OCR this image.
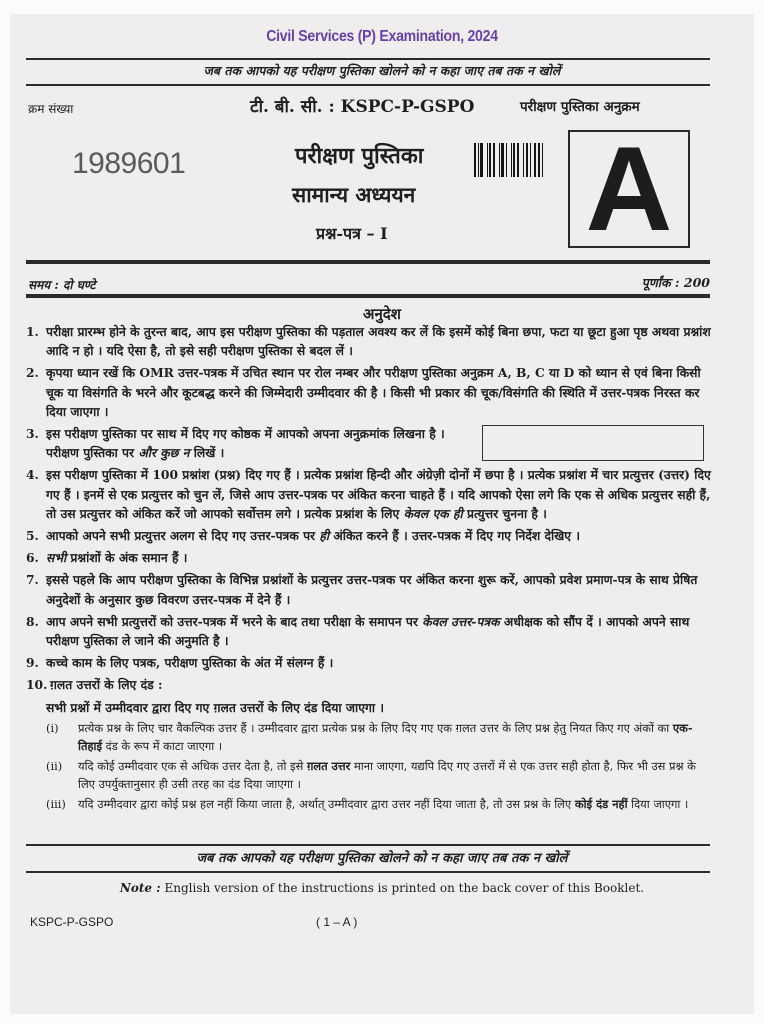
Civil Services (P) Examination, 2024
जब तक आपको यह परीक्षण पुस्तिका खोलने को न कहा जाए तब तक न खोलें
क्रम संख्या	टी. बी. सी. : KSPC-P-GSPO	परीक्षण पुस्तिका अनुक्रम
1989601	परीक्षण पुस्तिका
सामान्य अध्ययन
प्रश्न-पत्र – I A
समय : दो घण्टे	पूर्णांक : 200
अनुदेश
1. परीक्षा प्रारम्भ होने के तुरन्त बाद, आप इस परीक्षण पुस्तिका की पड़ताल अवश्य कर लें कि इसमें कोई बिना छपा, फटा या छूटा हुआ पृष्ठ अथवा प्रश्नांश आदि न हो । यदि ऐसा है, तो इसे सही परीक्षण पुस्तिका से बदल लें ।
2. कृपया ध्यान रखें कि OMR उत्तर-पत्रक में उचित स्थान पर रोल नम्बर और परीक्षण पुस्तिका अनुक्रम A, B, C या D को ध्यान से एवं बिना किसी चूक या विसंगति के भरने और कूटबद्ध करने की जिम्मेदारी उम्मीदवार की है । किसी भी प्रकार की चूक/विसंगति की स्थिति में उत्तर-पत्रक निरस्त कर दिया जाएगा ।
3. इस परीक्षण पुस्तिका पर साथ में दिए गए कोष्ठक में आपको अपना अनुक्रमांक लिखना है । परीक्षण पुस्तिका पर और कुछ न लिखें ।
4. इस परीक्षण पुस्तिका में 100 प्रश्नांश (प्रश्न) दिए गए हैं । प्रत्येक प्रश्नांश हिन्दी और अंग्रेज़ी दोनों में छपा है । प्रत्येक प्रश्नांश में चार प्रत्युत्तर (उत्तर) दिए गए हैं । इनमें से एक प्रत्युत्तर को चुन लें, जिसे आप उत्तर-पत्रक पर अंकित करना चाहते हैं । यदि आपको ऐसा लगे कि एक से अधिक प्रत्युत्तर सही हैं, तो उस प्रत्युत्तर को अंकित करें जो आपको सर्वोत्तम लगे । प्रत्येक प्रश्नांश के लिए केवल एक ही प्रत्युत्तर चुनना है ।
5. आपको अपने सभी प्रत्युत्तर अलग से दिए गए उत्तर-पत्रक पर ही अंकित करने हैं । उत्तर-पत्रक में दिए गए निर्देश देखिए ।
6. सभी प्रश्नांशों के अंक समान हैं ।
7. इससे पहले कि आप परीक्षण पुस्तिका के विभिन्न प्रश्नांशों के प्रत्युत्तर उत्तर-पत्रक पर अंकित करना शुरू करें, आपको प्रवेश प्रमाण-पत्र के साथ प्रेषित अनुदेशों के अनुसार कुछ विवरण उत्तर-पत्रक में देने हैं ।
8. आप अपने सभी प्रत्युत्तरों को उत्तर-पत्रक में भरने के बाद तथा परीक्षा के समापन पर केवल उत्तर-पत्रक अधीक्षक को सौंप दें । आपको अपने साथ परीक्षण पुस्तिका ले जाने की अनुमति है ।
9. कच्चे काम के लिए पत्रक, परीक्षण पुस्तिका के अंत में संलग्न हैं ।
10. ग़लत उत्तरों के लिए दंड :
सभी प्रश्नों में उम्मीदवार द्वारा दिए गए ग़लत उत्तरों के लिए दंड दिया जाएगा ।
(i)	प्रत्येक प्रश्न के लिए चार वैकल्पिक उत्तर हैं । उम्मीदवार द्वारा प्रत्येक प्रश्न के लिए दिए गए एक ग़लत उत्तर के लिए प्रश्न हेतु नियत किए गए अंकों का एक-तिहाई दंड के रूप में काटा जाएगा ।
(ii)	यदि कोई उम्मीदवार एक से अधिक उत्तर देता है, तो इसे ग़लत उत्तर माना जाएगा, यद्यपि दिए गए उत्तरों में से एक उत्तर सही होता है, फिर भी उस प्रश्न के लिए उपर्युक्तानुसार ही उसी तरह का दंड दिया जाएगा ।
(iii)	यदि उम्मीदवार द्वारा कोई प्रश्न हल नहीं किया जाता है, अर्थात् उम्मीदवार द्वारा उत्तर नहीं दिया जाता है, तो उस प्रश्न के लिए कोई दंड नहीं दिया जाएगा ।
जब तक आपको यह परीक्षण पुस्तिका खोलने को न कहा जाए तब तक न खोलें
Note : English version of the instructions is printed on the back cover of this Booklet.
KSPC-P-GSPO	( 1 – A )
